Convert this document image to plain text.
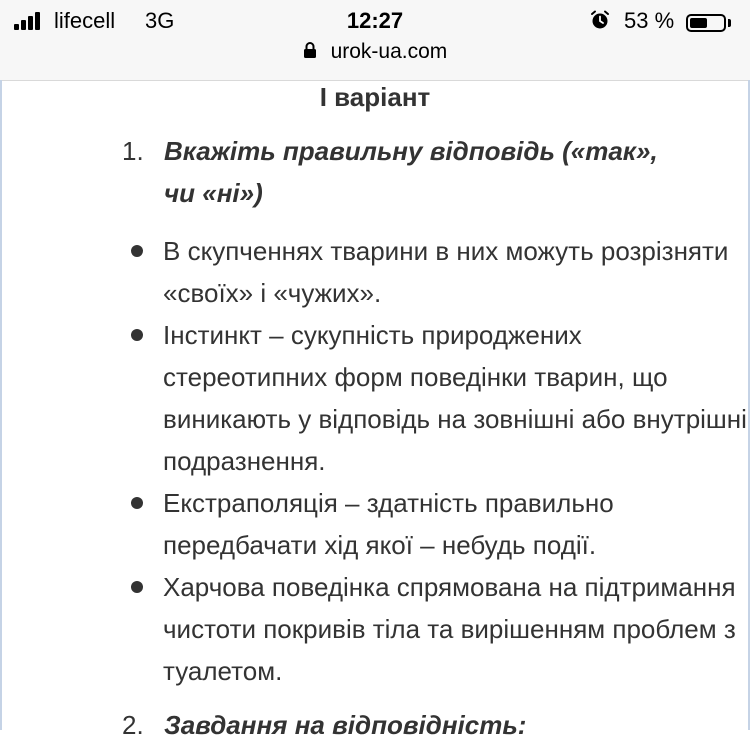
lifecell 3G	12:27	53 %
urok-ua.com
І варіант
1. Вкажіть правильну відповідь («так», чи «ні»)
В скупченнях тварини в них можуть розрізняти «своїх» і «чужих».
Інстинкт – сукупність природжених стереотипних форм поведінки тварин, що виникають у відповідь на зовнішні або внутрішні подразнення.
Екстраполяція – здатність правильно передбачати хід якої – небудь події.
Харчова поведінка спрямована на підтримання чистоти покривів тіла та вирішенням проблем з туалетом.
2. Завдання на відповідність:
